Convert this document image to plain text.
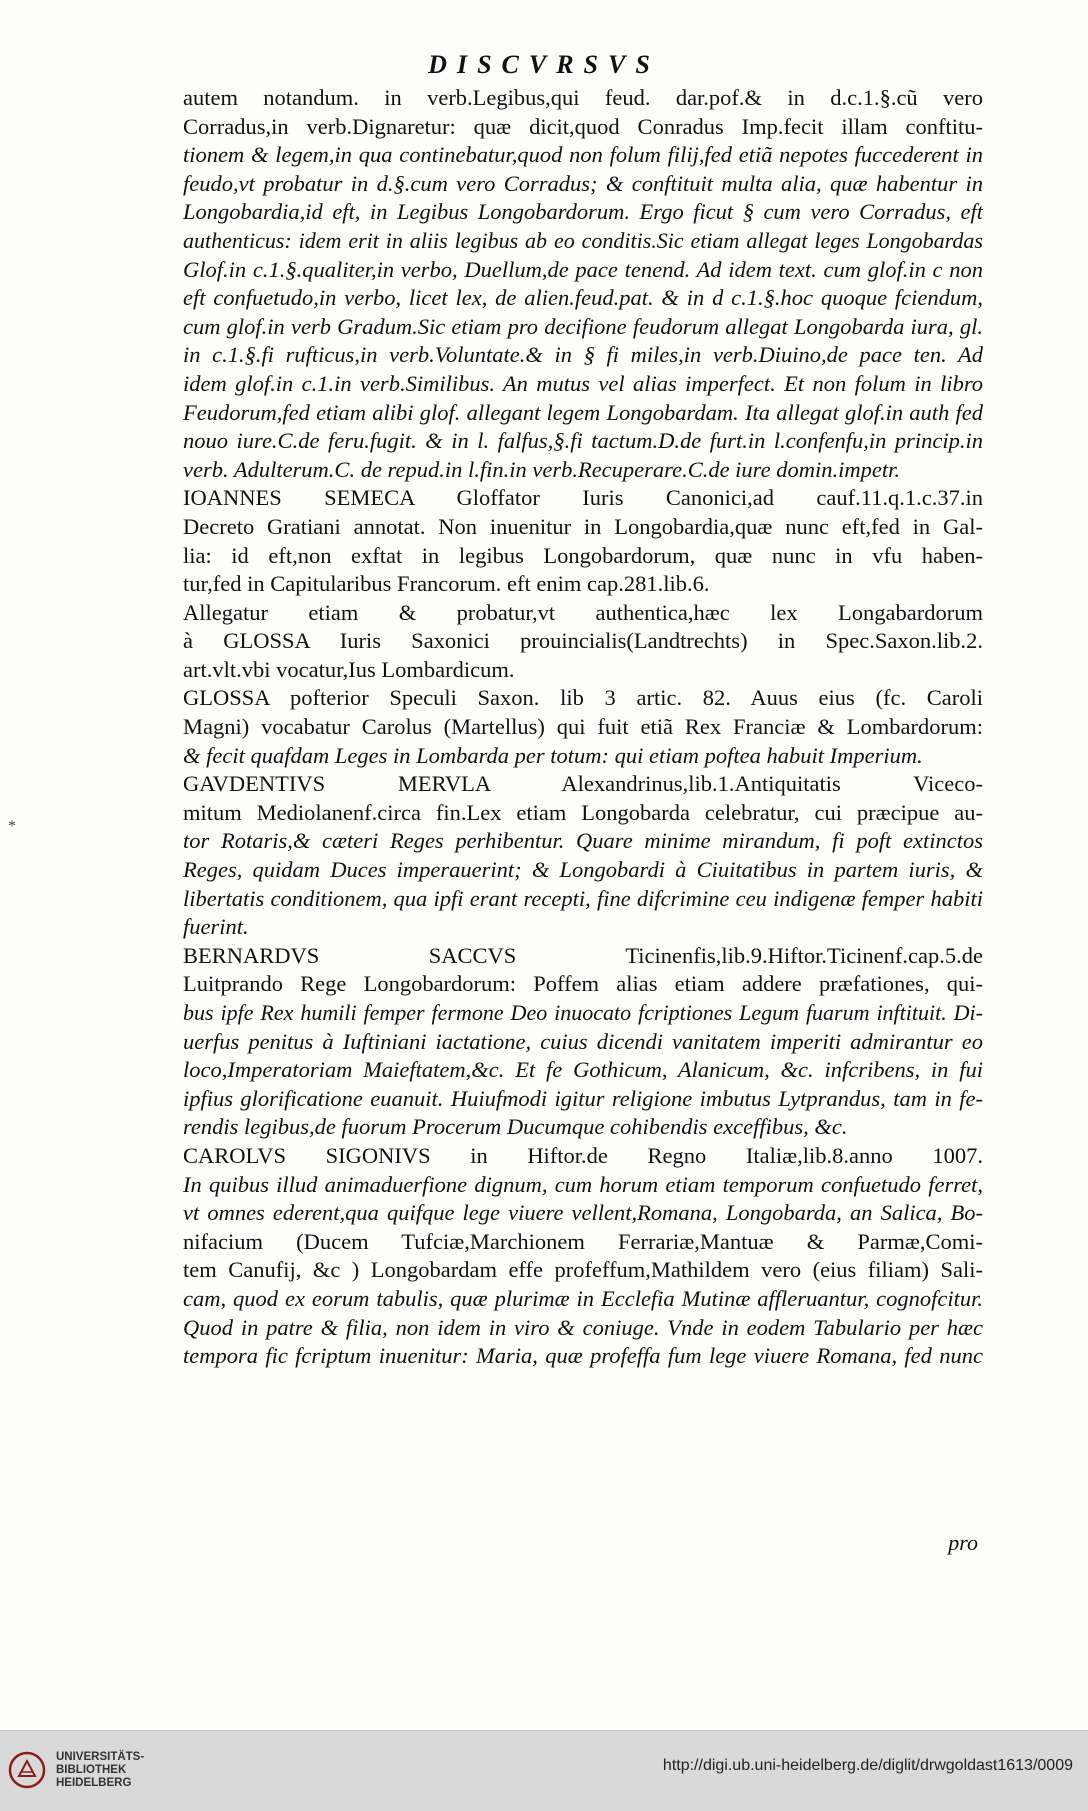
DISCVRSVS
autem notandum. in verb.Legibus,qui feud. dar.pof.& in d.c.1.§.cũ vero
Corradus,in verb.Dignaretur: quæ dicit,quod Conradus Imp.fecit illam conftitu-
tionem & legem,in qua continebatur,quod non folum filij,fed etiã nepotes fuccederent in
feudo,vt probatur in d.§.cum vero Corradus; & conftituit multa alia, quæ habentur in
Longobardia,id eft, in Legibus Longobardorum. Ergo ficut § cum vero Corradus, eft
authenticus: idem erit in aliis legibus ab eo conditis.Sic etiam allegat leges Longobardas
Glof.in c.1.§.qualiter,in verbo, Duellum,de pace tenend. Ad idem text. cum glof.in c non
eft confuetudo,in verbo, licet lex, de alien.feud.pat. & in d c.1.§.hoc quoque fciendum,
cum glof.in verb Gradum.Sic etiam pro decifione feudorum allegat Longobarda iura, gl.
in c.1.§.fi rufticus,in verb.Voluntate.& in § fi miles,in verb.Diuino,de pace ten. Ad
idem glof.in c.1.in verb.Similibus. An mutus vel alias imperfect. Et non folum in libro
Feudorum,fed etiam alibi glof. allegant legem Longobardam. Ita allegat glof.in auth fed
nouo iure.C.de feru.fugit. & in l. falfus,§.fi tactum.D.de furt.in l.confenfu,in princip.in
verb. Adulterum.C. de repud.in l.fin.in verb.Recuperare.C.de iure domin.impetr.
IOANNES SEMECA Gloffator Iuris Canonici,ad cauf.11.q.1.c.37.in
Decreto Gratiani annotat. Non inuenitur in Longobardia,quæ nunc eft,fed in Gal-
lia: id eft,non exftat in legibus Longobardorum, quæ nunc in vfu haben-
tur,fed in Capitularibus Francorum. eft enim cap.281.lib.6.
Allegatur etiam & probatur,vt authentica,hæc lex Longabardorum
à GLOSSA Iuris Saxonici prouincialis(Landtrechts) in Spec.Saxon.lib.2.
art.vlt.vbi vocatur,Ius Lombardicum.
GLOSSA pofterior Speculi Saxon. lib 3 artic. 82. Auus eius (fc. Caroli
Magni) vocabatur Carolus (Martellus) qui fuit etiã Rex Franciæ & Lombardorum:
& fecit quafdam Leges in Lombarda per totum: qui etiam poftea habuit Imperium.
GAVDENTIVS MERVLA Alexandrinus,lib.1.Antiquitatis Viceco-
mitum Mediolanenf.circa fin.Lex etiam Longobarda celebratur, cui præcipue au-
tor Rotaris,& cæteri Reges perhibentur. Quare minime mirandum, fi poft extinctos
Reges, quidam Duces imperauerint; & Longobardi à Ciuitatibus in partem iuris, &
libertatis conditionem, qua ipfi erant recepti, fine difcrimine ceu indigenæ femper habiti
fuerint.
BERNARDVS SACCVS Ticinenfis,lib.9.Hiftor.Ticinenf.cap.5.de
Luitprando Rege Longobardorum: Poffem alias etiam addere præfationes, qui-
bus ipfe Rex humili femper fermone Deo inuocato fcriptiones Legum fuarum inftituit. Di-
uerfus penitus à Iuftiniani iactatione, cuius dicendi vanitatem imperiti admirantur eo
loco,Imperatoriam Maieftatem,&c. Et fe Gothicum, Alanicum, &c. infcribens, in fui
ipfius glorificatione euanuit. Huiufmodi igitur religione imbutus Lytprandus, tam in fe-
rendis legibus,de fuorum Procerum Ducumque cohibendis exceffibus, &c.
CAROLVS SIGONIVS in Hiftor.de Regno Italiæ,lib.8.anno 1007.
In quibus illud animaduerfione dignum, cum horum etiam temporum confuetudo ferret,
vt omnes ederent,qua quifque lege viuere vellent,Romana, Longobarda, an Salica, Bo-
nifacium (Ducem Tufciæ,Marchionem Ferrariæ,Mantuæ & Parmæ,Comi-
tem Canufij, &c ) Longobardam effe profeffum,Mathildem vero (eius filiam) Sali-
cam, quod ex eorum tabulis, quæ plurimæ in Ecclefia Mutinæ affleruantur, cognofcitur.
Quod in patre & filia, non idem in viro & coniuge. Vnde in eodem Tabulario per hæc
tempora fic fcriptum inuenitur: Maria, quæ profeffa fum lege viuere Romana, fed nunc
pro
*
UNIVERSITÄTS-
BIBLIOTHEK
HEIDELBERG
http://digi.ub.uni-heidelberg.de/diglit/drwgoldast1613/0009
